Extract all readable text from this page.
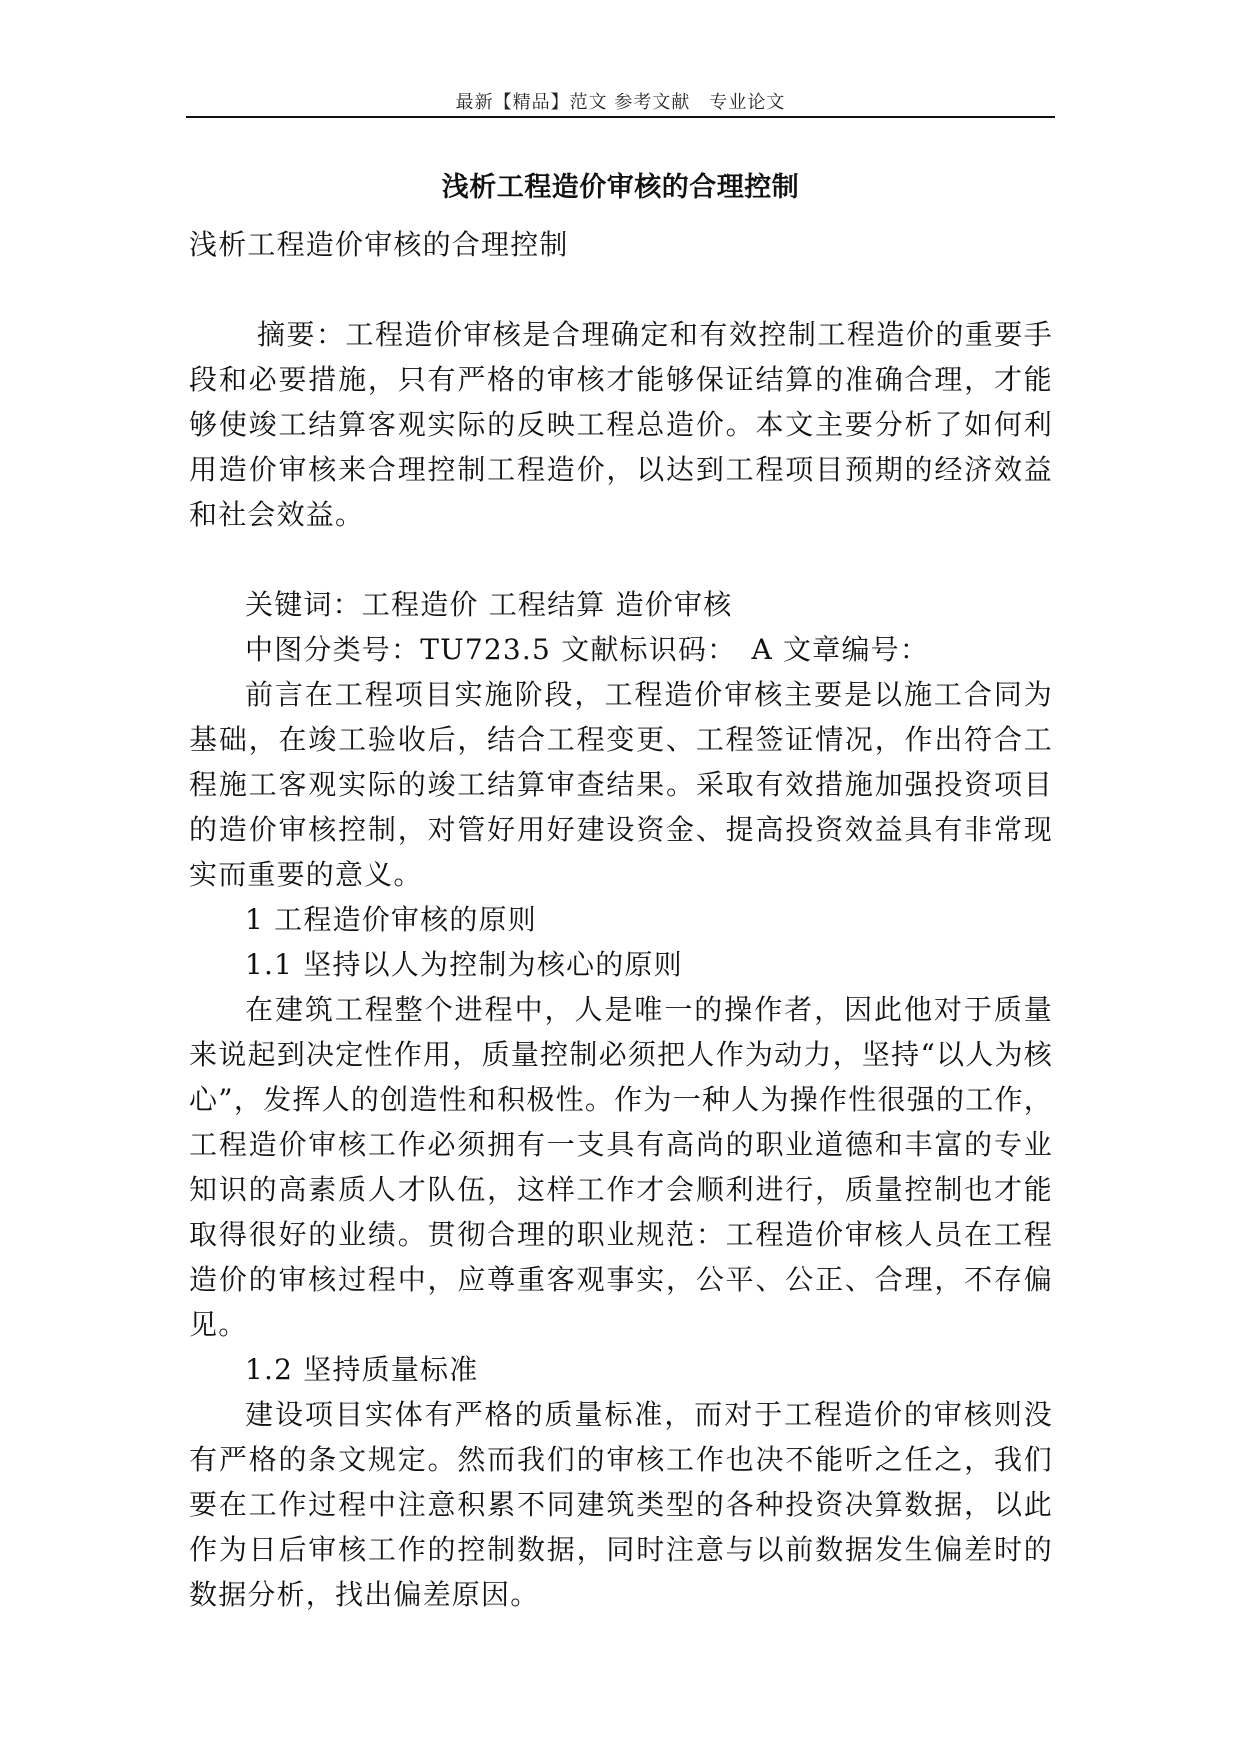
最新【精品】范文 参考文献　专业论文
浅析工程造价审核的合理控制

浅析工程造价审核的合理控制

摘要：工程造价审核是合理确定和有效控制工程造价的重要手段和必要措施，只有严格的审核才能够保证结算的准确合理，才能够使竣工结算客观实际的反映工程总造价。本文主要分析了如何利用造价审核来合理控制工程造价，以达到工程项目预期的经济效益和社会效益。

关键词：工程造价 工程结算 造价审核

中图分类号：TU723.5 文献标识码：　A 文章编号：

前言在工程项目实施阶段，工程造价审核主要是以施工合同为基础，在竣工验收后，结合工程变更、工程签证情况，作出符合工程施工客观实际的竣工结算审查结果。采取有效措施加强投资项目的造价审核控制，对管好用好建设资金、提高投资效益具有非常现实而重要的意义。

1 工程造价审核的原则

1.1 坚持以人为控制为核心的原则

在建筑工程整个进程中，人是唯一的操作者，因此他对于质量来说起到决定性作用，质量控制必须把人作为动力，坚持“以人为核心”，发挥人的创造性和积极性。作为一种人为操作性很强的工作，工程造价审核工作必须拥有一支具有高尚的职业道德和丰富的专业知识的高素质人才队伍，这样工作才会顺利进行，质量控制也才能取得很好的业绩。贯彻合理的职业规范：工程造价审核人员在工程造价的审核过程中，应尊重客观事实，公平、公正、合理，不存偏见。

1.2 坚持质量标准

建设项目实体有严格的质量标准，而对于工程造价的审核则没有严格的条文规定。然而我们的审核工作也决不能听之任之，我们要在工作过程中注意积累不同建筑类型的各种投资决算数据，以此作为日后审核工作的控制数据，同时注意与以前数据发生偏差时的数据分析，找出偏差原因。
